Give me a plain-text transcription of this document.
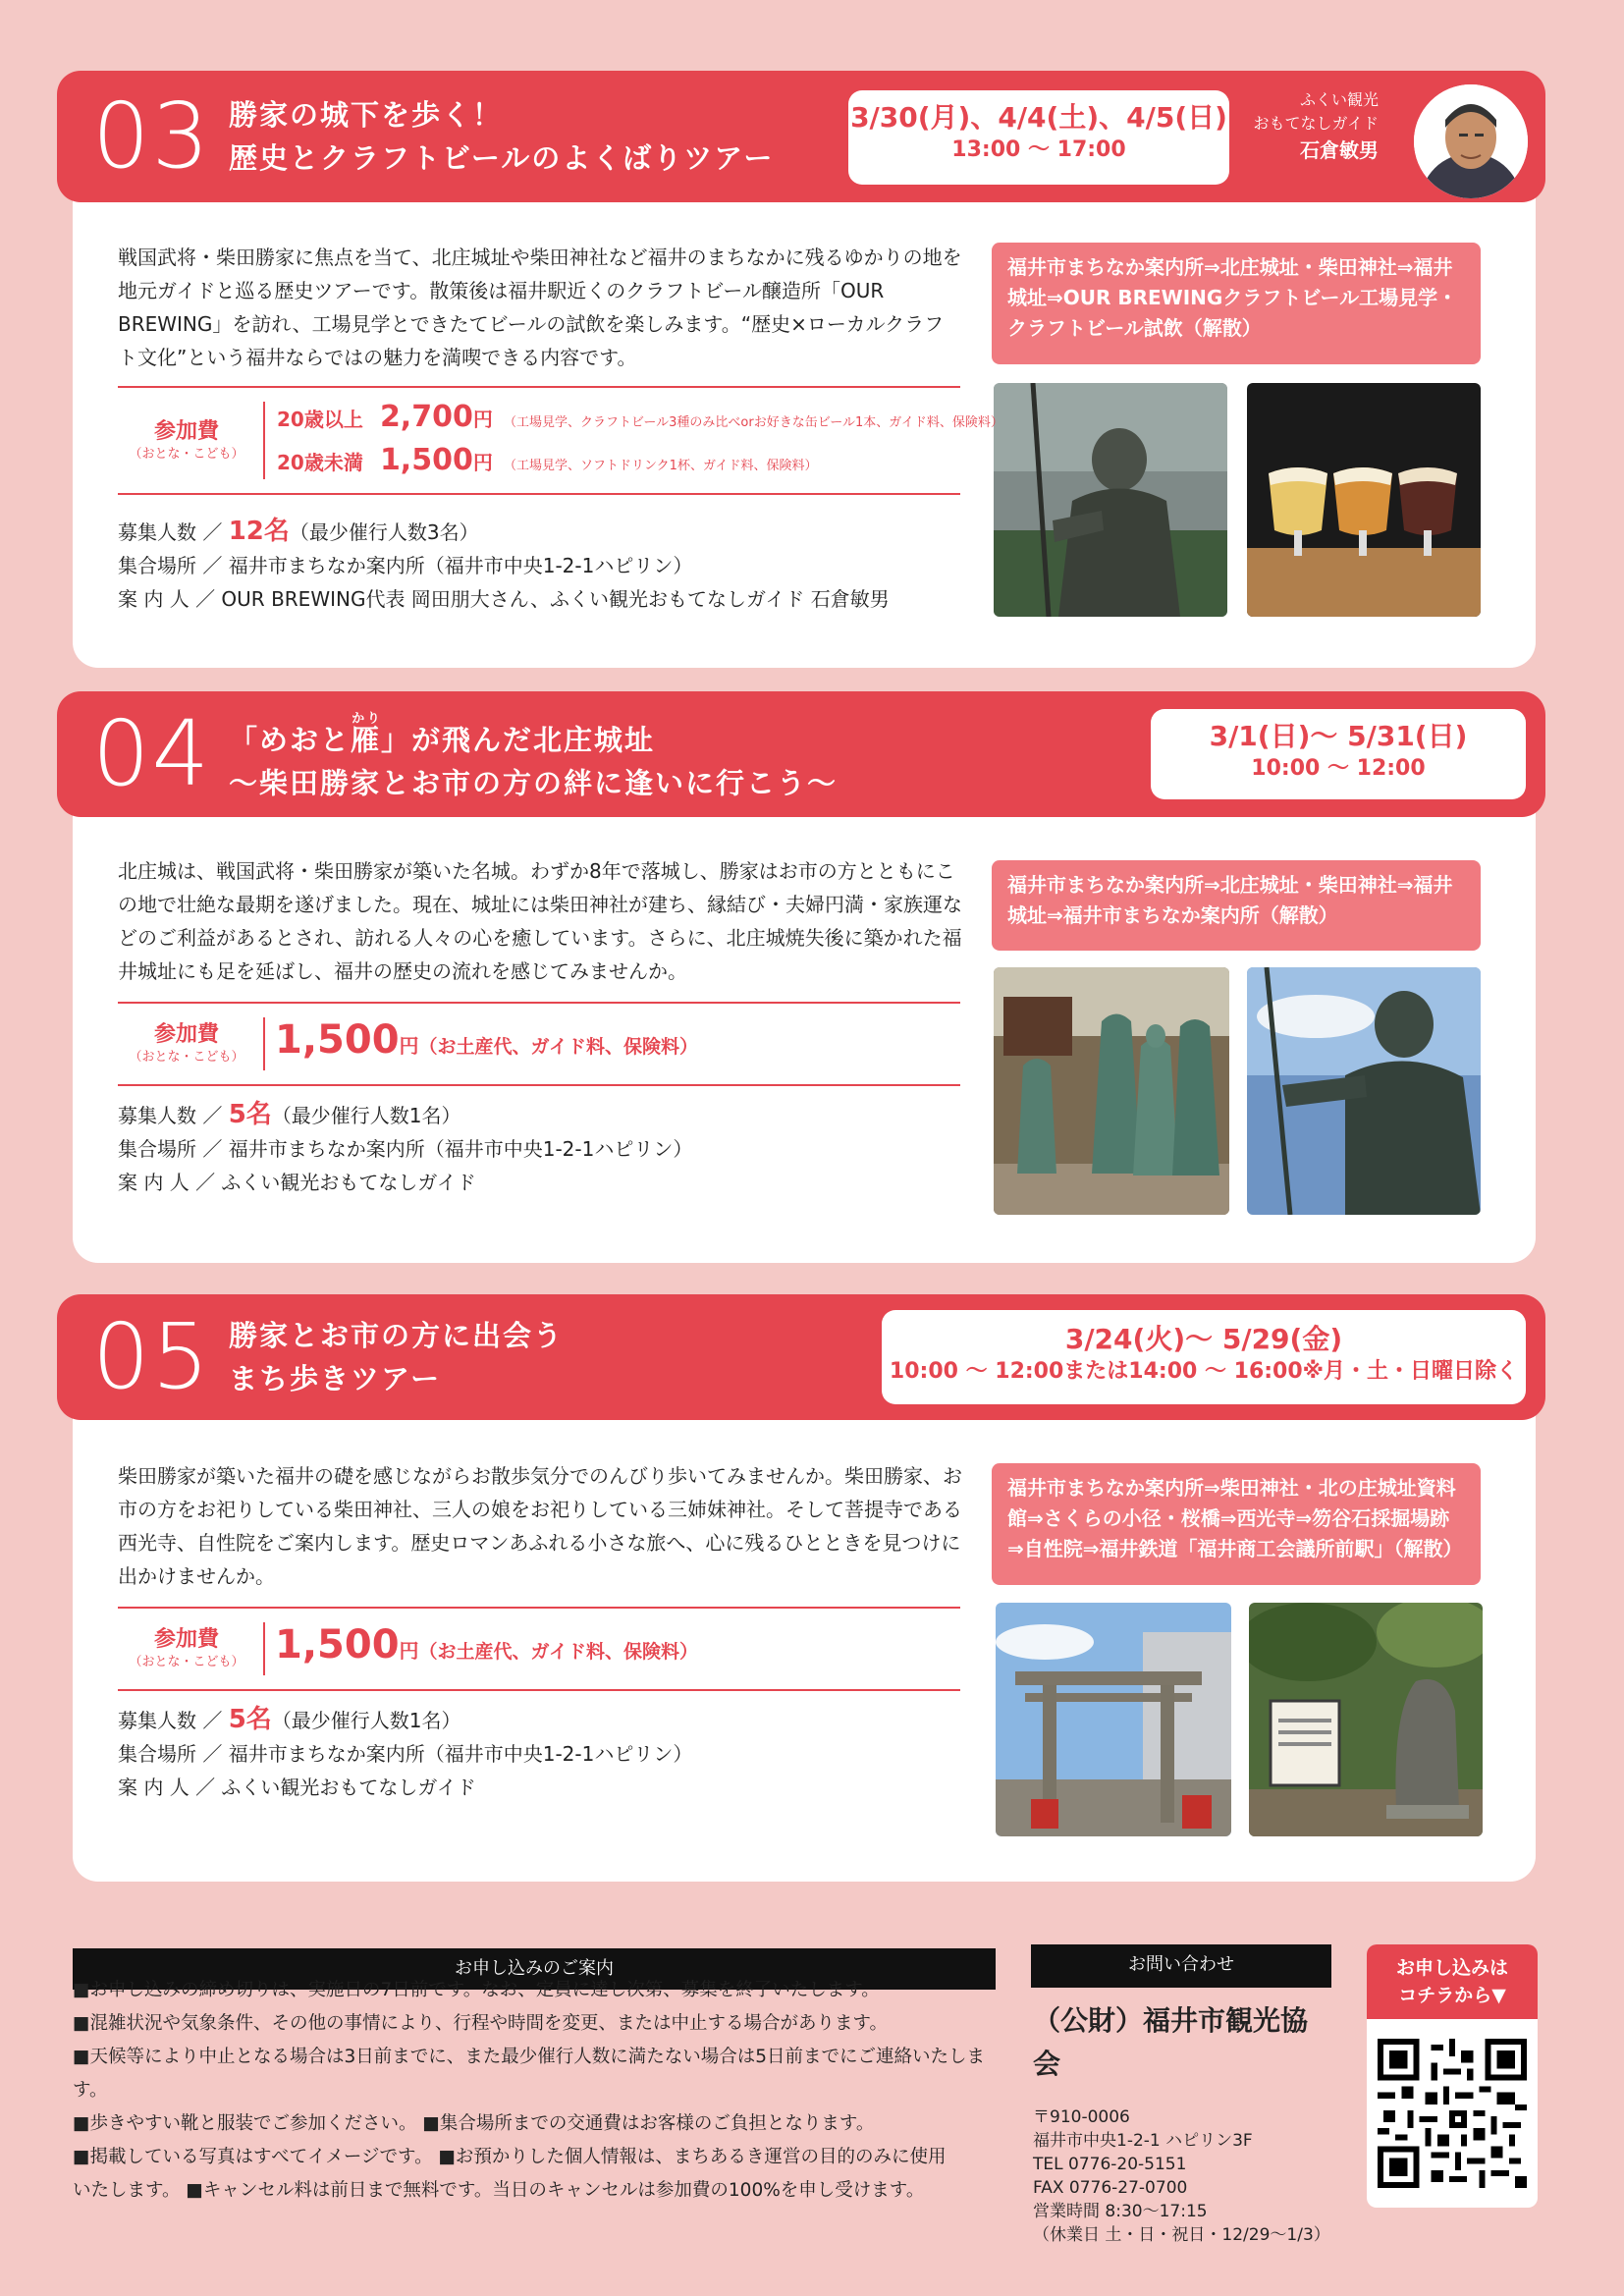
03 勝家の城下を歩く！
歴史とクラフトビールのよくばりツアー
3/30(月)、4/4(土)、4/5(日)
13:00 〜 17:00
ふくい観光
おもてなしガイド
石倉敏男
戦国武将・柴田勝家に焦点を当て、北庄城址や柴田神社など福井のまちなかに残るゆかりの地を地元ガイドと巡る歴史ツアーです。散策後は福井駅近くのクラフトビール醸造所「OUR BREWING」を訪れ、工場見学とできたてビールの試飲を楽しみます。“歴史×ローカルクラフト文化”という福井ならではの魅力を満喫できる内容です。
福井市まちなか案内所⇒北庄城址・柴田神社⇒福井城址⇒OUR BREWINGクラフトビール工場見学・クラフトビール試飲（解散）
参加費
（おとな・こども）
20歳以上 2,700円 （工場見学、クラフトビール3種のみ比べorお好きな缶ビール1本、ガイド料、保険料）
20歳未満 1,500円 （工場見学、ソフトドリンク1杯、ガイド料、保険料）
募集人数 ／ 12名（最少催行人数3名）
集合場所 ／ 福井市まちなか案内所（福井市中央1-2-1ハピリン）
案 内 人 ／ OUR BREWING代表 岡田朋大さん、ふくい観光おもてなしガイド 石倉敏男
04 「めおと雁かり」が飛んだ北庄城址
〜柴田勝家とお市の方の絆に逢いに行こう〜
3/1(日)〜 5/31(日)
10:00 〜 12:00
北庄城は、戦国武将・柴田勝家が築いた名城。わずか8年で落城し、勝家はお市の方とともにこの地で壮絶な最期を遂げました。現在、城址には柴田神社が建ち、縁結び・夫婦円満・家族運などのご利益があるとされ、訪れる人々の心を癒しています。さらに、北庄城焼失後に築かれた福井城址にも足を延ばし、福井の歴史の流れを感じてみませんか。
福井市まちなか案内所⇒北庄城址・柴田神社⇒福井城址⇒福井市まちなか案内所（解散）
参加費
（おとな・こども） 1,500円（お土産代、ガイド料、保険料）
募集人数 ／ 5名（最少催行人数1名）
集合場所 ／ 福井市まちなか案内所（福井市中央1-2-1ハピリン）
案 内 人 ／ ふくい観光おもてなしガイド
05 勝家とお市の方に出会う
まち歩きツアー
3/24(火)〜 5/29(金)
10:00 〜 12:00または14:00 〜 16:00※月・土・日曜日除く
柴田勝家が築いた福井の礎を感じながらお散歩気分でのんびり歩いてみませんか。柴田勝家、お市の方をお祀りしている柴田神社、三人の娘をお祀りしている三姉妹神社。そして菩提寺である西光寺、自性院をご案内します。歴史ロマンあふれる小さな旅へ、心に残るひとときを見つけに出かけませんか。
福井市まちなか案内所⇒柴田神社・北の庄城址資料館⇒さくらの小径・桜橋⇒西光寺⇒笏谷石採掘場跡⇒自性院⇒福井鉄道「福井商工会議所前駅」（解散）
参加費
（おとな・こども） 1,500円（お土産代、ガイド料、保険料）
募集人数 ／ 5名（最少催行人数1名）
集合場所 ／ 福井市まちなか案内所（福井市中央1-2-1ハピリン）
案 内 人 ／ ふくい観光おもてなしガイド
お申し込みのご案内
■お申し込みの締め切りは、実施日の7日前です。なお、定員に達し次第、募集を終了いたします。
■混雑状況や気象条件、その他の事情により、行程や時間を変更、または中止する場合があります。
■天候等により中止となる場合は3日前までに、また最少催行人数に満たない場合は5日前までにご連絡いたします。
■歩きやすい靴と服装でご参加ください。 ■集合場所までの交通費はお客様のご負担となります。
■掲載している写真はすべてイメージです。 ■お預かりした個人情報は、まちあるき運営の目的のみに使用
いたします。 ■キャンセル料は前日まで無料です。当日のキャンセルは参加費の100%を申し受けます。
お問い合わせ
（公財）福井市観光協会
〒910-0006
福井市中央1-2-1 ハピリン3F
TEL 0776-20-5151
FAX 0776-27-0700
営業時間 8:30〜17:15
（休業日 土・日・祝日・12/29〜1/3）
お申し込みは
コチラから▼
